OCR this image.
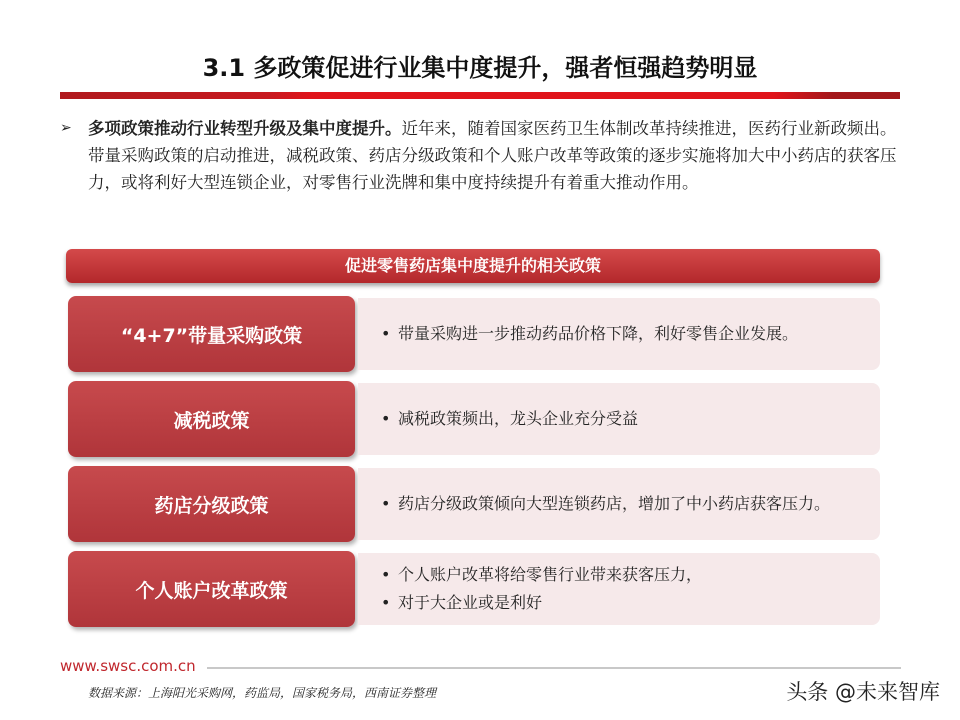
3.1 多政策促进行业集中度提升，强者恒强趋势明显
➢ 多项政策推动行业转型升级及集中度提升。近年来，随着国家医药卫生体制改革持续推进，医药行业新政频出。带量采购政策的启动推进，减税政策、药店分级政策和个人账户改革等政策的逐步实施将加大中小药店的获客压力，或将利好大型连锁企业，对零售行业洗牌和集中度持续提升有着重大推动作用。

促进零售药店集中度提升的相关政策
“4+7”带量采购政策	• 带量采购进一步推动药品价格下降，利好零售企业发展。
减税政策	• 减税政策频出，龙头企业充分受益
药店分级政策	• 药店分级政策倾向大型连锁药店，增加了中小药店获客压力。
个人账户改革政策
• 个人账户改革将给零售行业带来获客压力，
• 对于大企业或是利好
www.swsc.com.cn
数据来源：上海阳光采购网，药监局，国家税务局，西南证券整理	头条 @未来智库
